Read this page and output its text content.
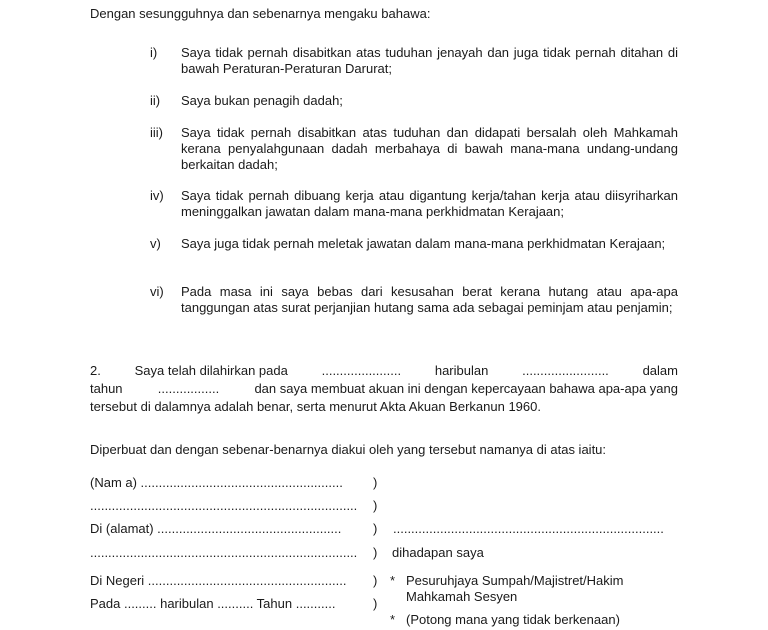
Dengan sesungguhnya dan sebenarnya mengaku bahawa:
i)	Saya tidak pernah disabitkan atas tuduhan jenayah dan juga tidak pernah ditahan di bawah Peraturan-Peraturan Darurat;
ii)	Saya bukan penagih dadah;
iii)	Saya tidak pernah disabitkan atas tuduhan dan didapati bersalah oleh Mahkamah kerana penyalahgunaan dadah merbahaya di bawah mana-mana undang-undang berkaitan dadah;
iv)	Saya tidak pernah dibuang kerja atau digantung kerja/tahan kerja atau diisyriharkan meninggalkan jawatan dalam mana-mana perkhidmatan Kerajaan;
v)	Saya juga tidak pernah meletak jawatan dalam mana-mana perkhidmatan Kerajaan;
vi)	Pada masa ini saya bebas dari kesusahan berat kerana hutang atau apa-apa tanggungan atas surat perjanjian hutang sama ada sebagai peminjam atau penjamin;
2.	Saya telah dilahirkan pada	......................	haribulan	........................	dalam
tahun	.................	dan saya membuat akuan ini dengan kepercayaan bahawa apa-apa yang
tersebut di dalamnya adalah benar, serta menurut Akta Akuan Berkanun 1960.
Diperbuat dan dengan sebenar-benarnya diakui oleh yang tersebut namanya di atas iaitu:
(Nam a) ........................................................ )
.......................................................................... )
Di (alamat) ................................................... ) ...........................................................................
.......................................................................... ) dihadapan saya
Di Negeri ....................................................... ) * Pesuruhjaya Sumpah/Majistret/Hakim
Mahkamah Sesyen
Pada ......... haribulan .......... Tahun ...........	)
* (Potong mana yang tidak berkenaan)
